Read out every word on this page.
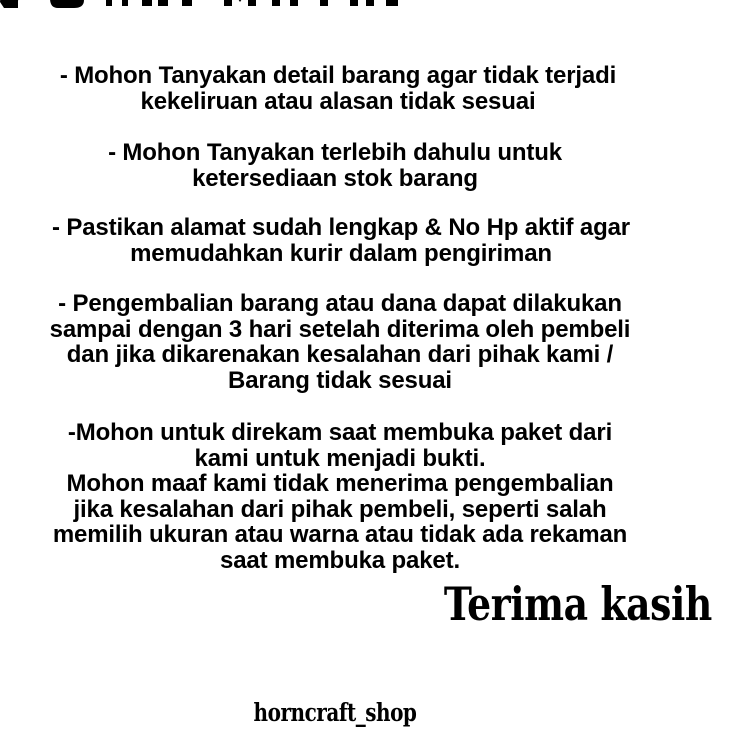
- Mohon Tanyakan detail barang agar tidak terjadi
kekeliruan atau alasan tidak sesuai
- Mohon Tanyakan terlebih dahulu untuk
ketersediaan stok barang
- Pastikan alamat sudah lengkap & No Hp aktif agar
memudahkan kurir dalam pengiriman
- Pengembalian barang atau dana dapat dilakukan
sampai dengan 3 hari setelah diterima oleh pembeli
dan jika dikarenakan kesalahan dari pihak kami /
Barang tidak sesuai
-Mohon untuk direkam saat membuka paket dari
kami untuk menjadi bukti.
Mohon maaf kami tidak menerima pengembalian
jika kesalahan dari pihak pembeli, seperti salah
memilih ukuran atau warna atau tidak ada rekaman
saat membuka paket.
Terima kasih
horncraft_shop
